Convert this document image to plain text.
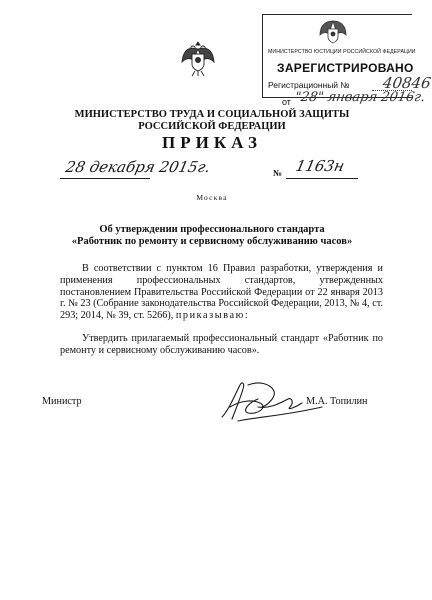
МИНИСТЕРСТВО ЮСТИЦИИ РОССИЙСКОЙ ФЕДЕРАЦИИ
ЗАРЕГИСТРИРОВАНО
Регистрационный № 40846
от "28" января 2016г.
МИНИСТЕРСТВО ТРУДА И СОЦИАЛЬНОЙ ЗАЩИТЫ
РОССИЙСКОЙ ФЕДЕРАЦИИ
ПРИКАЗ
28 декабря 2015г.	№ 1163н
Москва
Об утверждении профессионального стандарта
«Работник по ремонту и сервисному обслуживанию часов»

В соответствии с пунктом 16 Правил разработки, утверждения и применения профессиональных стандартов, утвержденных постановлением Правительства Российской Федерации от 22 января 2013 г. № 23 (Собрание законодательства Российской Федерации, 2013, № 4, ст. 293; 2014, № 39, ст. 5266), приказываю:

Утвердить прилагаемый профессиональный стандарт «Работник по ремонту и сервисному обслуживанию часов».

Министр	М.А. Топилин
